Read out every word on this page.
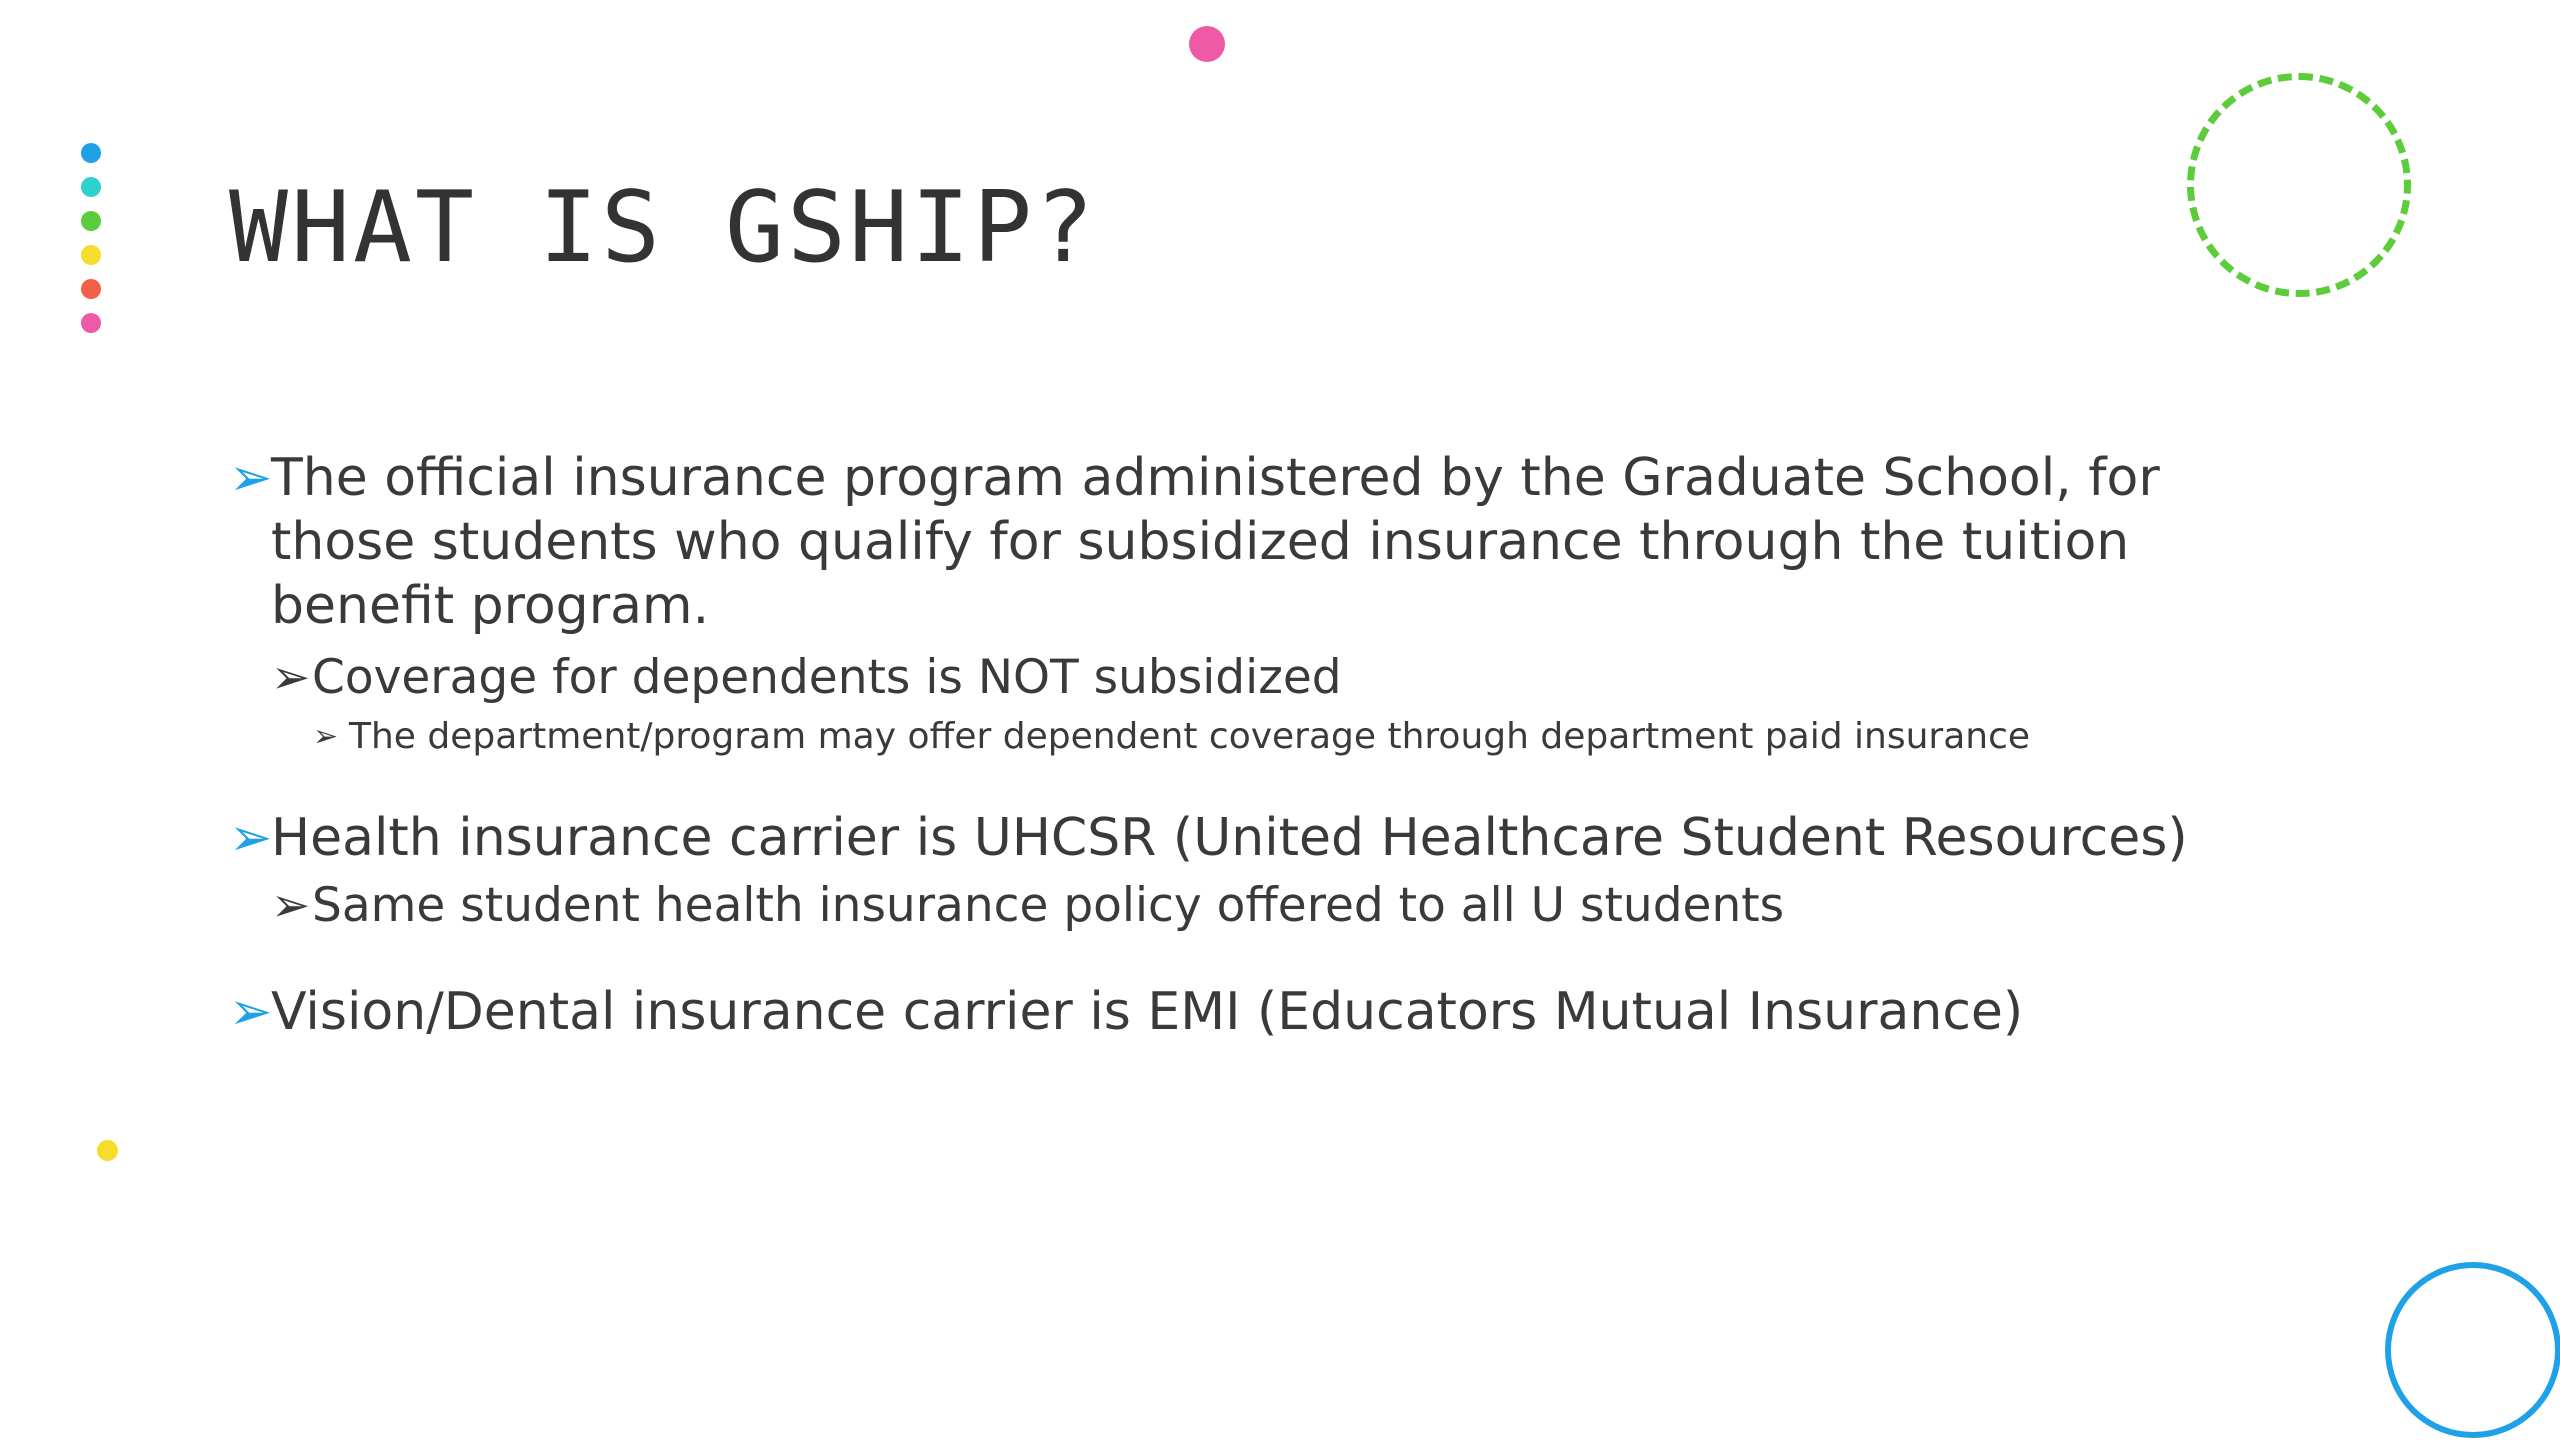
WHAT IS GSHIP?
➢
The official insurance program administered by the Graduate School, for those students who qualify for subsidized insurance through the tuition benefit program.
➢ Coverage for dependents is NOT subsidized
➢ The department/program may offer dependent coverage through department paid insurance
➢
Health insurance carrier is UHCSR (United Healthcare Student Resources)
➢ Same student health insurance policy offered to all U students
➢
Vision/Dental insurance carrier is EMI (Educators Mutual Insurance)
